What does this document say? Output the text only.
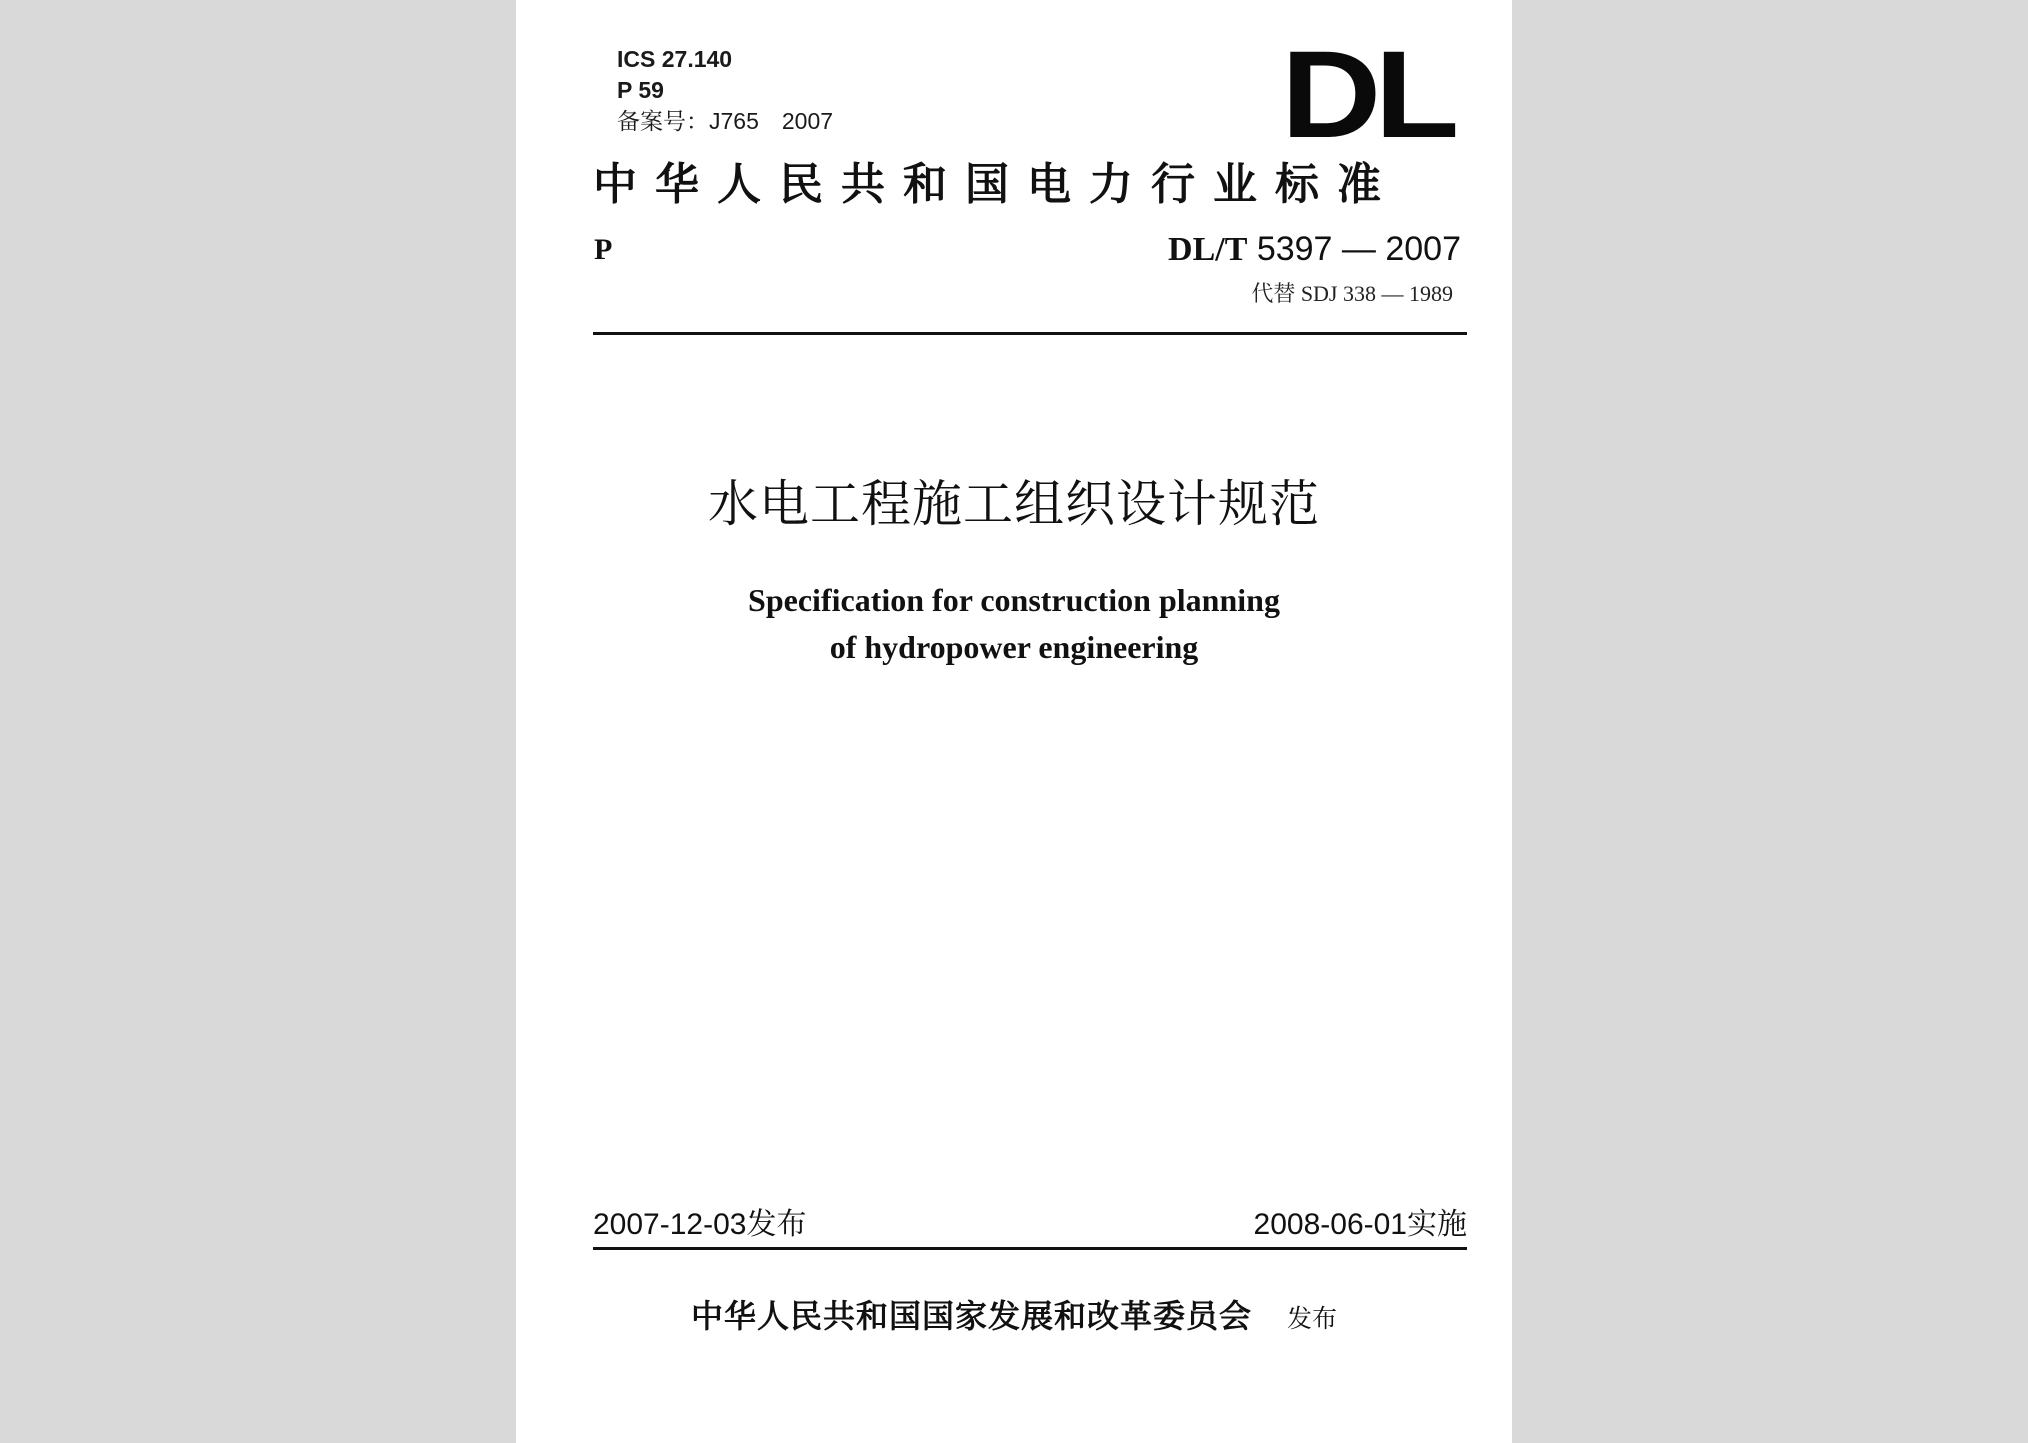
ICS 27.140
P 59
备案号：J765　2007	DL
中华人民共和国电力行业标准
P	DL/T 5397 — 2007
代替 SDJ 338 — 1989
水电工程施工组织设计规范
Specification for construction planning
of hydropower engineering
2007-12-03发布	2008-06-01实施
中华人民共和国国家发展和改革委员会 发布
